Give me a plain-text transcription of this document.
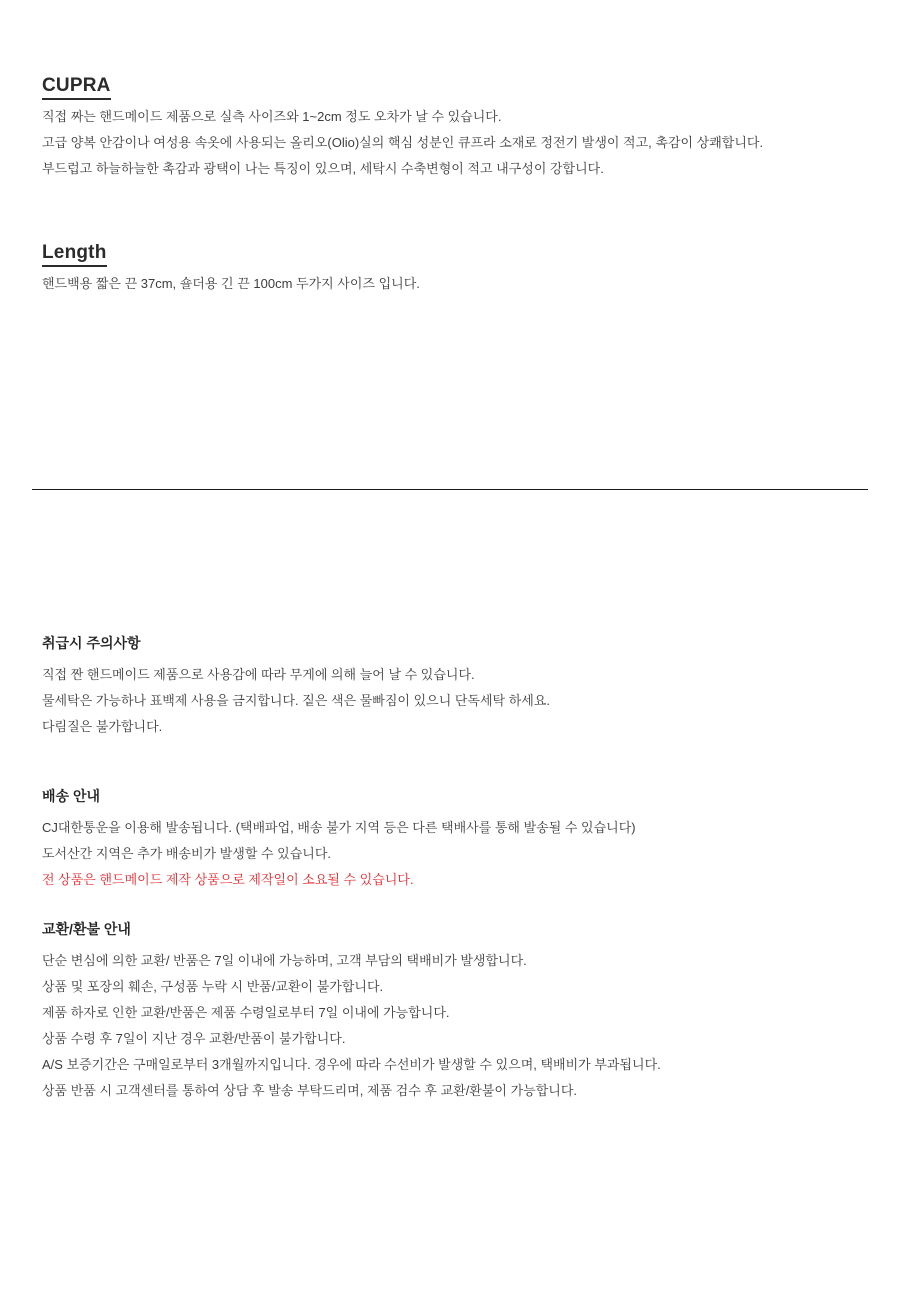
CUPRA
직접 짜는 핸드메이드 제품으로 실측 사이즈와 1~2cm 정도 오차가 날 수 있습니다.
고급 양복 안감이나 여성용 속옷에 사용되는 올리오(Olio)실의 핵심 성분인 큐프라 소재로 정전기 발생이 적고, 촉감이 상쾌합니다.
부드럽고 하늘하늘한 촉감과 광택이 나는 특징이 있으며, 세탁시 수축변형이 적고 내구성이 강합니다.
Length
핸드백용 짧은 끈 37cm, 숄더용 긴 끈 100cm 두가지 사이즈 입니다.
취급시 주의사항
직접 짠 핸드메이드 제품으로 사용감에 따라 무게에 의해 늘어 날 수 있습니다.
물세탁은 가능하나 표백제 사용을 금지합니다. 짙은 색은 물빠짐이 있으니 단독세탁 하세요.
다림질은 불가합니다.
배송 안내
CJ대한통운을 이용해 발송됩니다. (택배파업, 배송 불가 지역 등은 다른 택배사를 통해 발송될 수 있습니다)
도서산간 지역은 추가 배송비가 발생할 수 있습니다.
전 상품은 핸드메이드 제작 상품으로 제작일이 소요될 수 있습니다.
교환/환불 안내
단순 변심에 의한 교환/ 반품은 7일 이내에 가능하며, 고객 부담의 택배비가 발생합니다.
상품 및 포장의 훼손, 구성품 누락 시 반품/교환이 불가합니다.
제품 하자로 인한 교환/반품은 제품 수령일로부터 7일 이내에 가능합니다.
상품 수령 후 7일이 지난 경우 교환/반품이 불가합니다.
A/S 보증기간은 구매일로부터 3개월까지입니다. 경우에 따라 수선비가 발생할 수 있으며, 택배비가 부과됩니다.
상품 반품 시 고객센터를 통하여 상담 후 발송 부탁드리며, 제품 검수 후 교환/환불이 가능합니다.
